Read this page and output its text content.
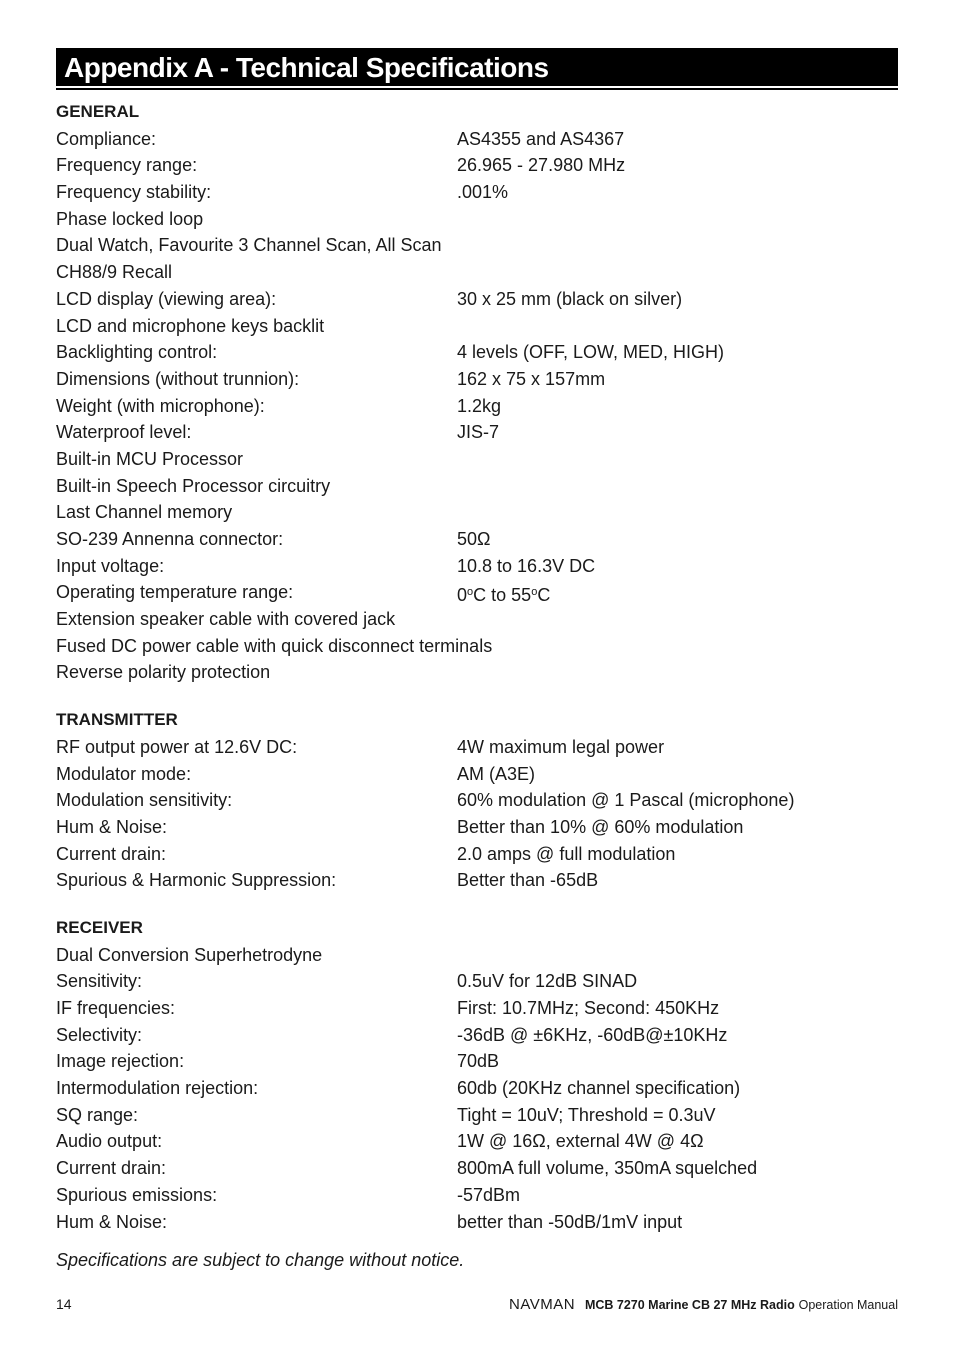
Appendix A - Technical Specifications
GENERAL
Compliance:	AS4355 and AS4367
Frequency range:	26.965 - 27.980 MHz
Frequency stability:	.001%
Phase locked loop
Dual Watch, Favourite 3 Channel Scan, All Scan
CH88/9 Recall
LCD display (viewing area):	30 x 25 mm (black on silver)
LCD and microphone keys backlit
Backlighting control:	4 levels (OFF, LOW, MED, HIGH)
Dimensions (without trunnion):	162 x 75 x 157mm
Weight (with microphone):	1.2kg
Waterproof level:	JIS-7
Built-in MCU Processor
Built-in Speech Processor circuitry
Last Channel memory
SO-239 Annenna connector:	50Ω
Input voltage:	10.8 to 16.3V DC
Operating temperature range:	0$^o$C to 55$^o$C
Extension speaker cable with covered jack
Fused DC power cable with quick disconnect terminals
Reverse polarity protection
TRANSMITTER
RF output power at 12.6V DC:	4W maximum legal power
Modulator mode:	AM (A3E)
Modulation sensitivity:	60% modulation @ 1 Pascal (microphone)
Hum & Noise:	Better than 10% @ 60% modulation
Current drain:	2.0 amps @ full modulation
Spurious & Harmonic Suppression:	Better than -65dB
RECEIVER
Dual Conversion Superhetrodyne
Sensitivity:	0.5uV for 12dB SINAD
IF frequencies:	First: 10.7MHz; Second: 450KHz
Selectivity:	-36dB @ ±6KHz, -60dB@±10KHz
Image rejection:	70dB
Intermodulation rejection:	60db (20KHz channel specification)
SQ range:	Tight = 10uV; Threshold = 0.3uV
Audio output:	1W @ 16Ω, external 4W @ 4Ω
Current drain:	800mA full volume, 350mA squelched
Spurious emissions:	-57dBm
Hum & Noise:	better than -50dB/1mV input
Specifications are subject to change without notice.
14	NAVMAN MCB 7270 Marine CB 27 MHz Radio Operation Manual
